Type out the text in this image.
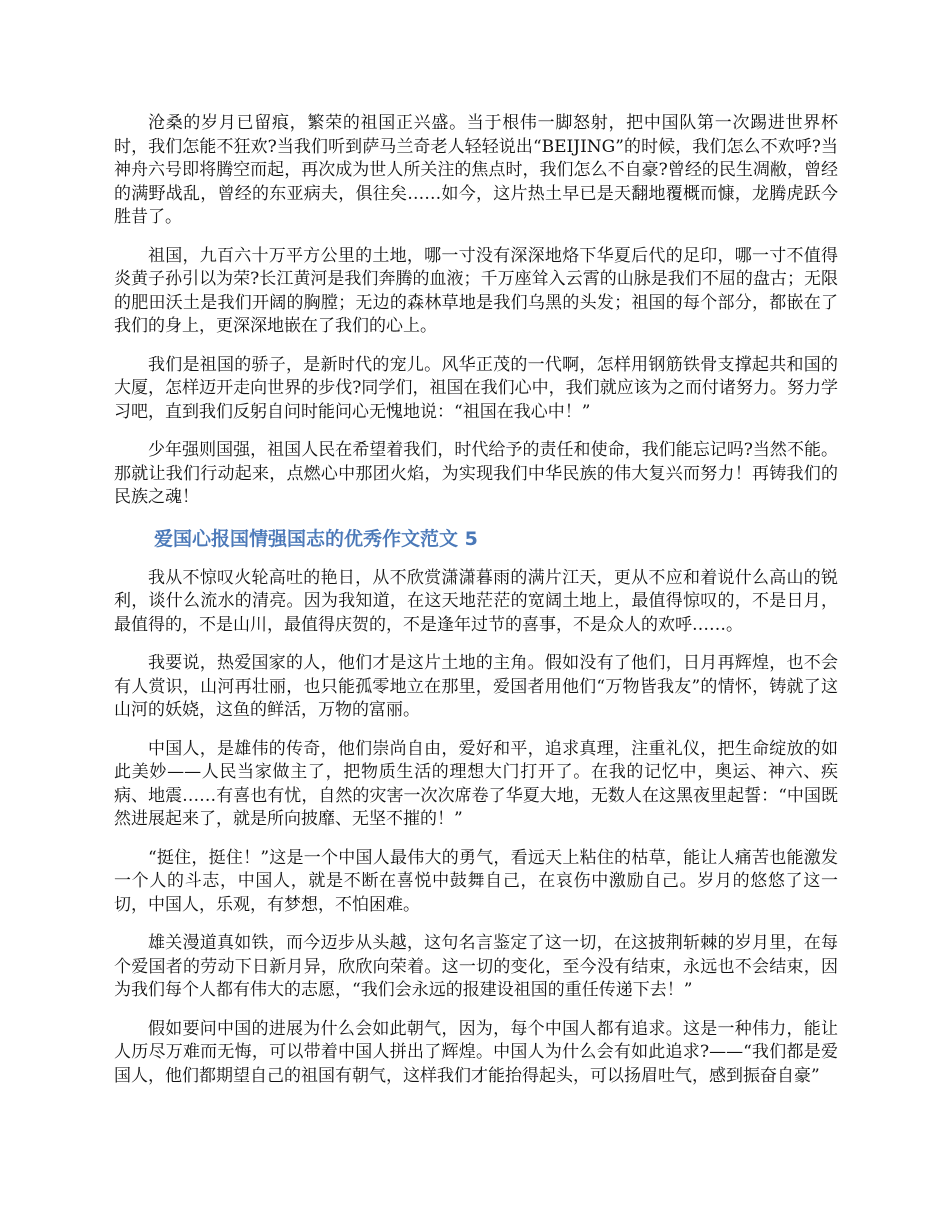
沧桑的岁月已留痕，繁荣的祖国正兴盛。当于根伟一脚怒射，把中国队第一次踢进世界杯时，我们怎能不狂欢?当我们听到萨马兰奇老人轻轻说出“BEIJING”的时候，我们怎么不欢呼?当神舟六号即将腾空而起，再次成为世人所关注的焦点时，我们怎么不自豪?曾经的民生凋敝，曾经的满野战乱，曾经的东亚病夫，俱往矣……如今，这片热土早已是天翻地覆概而慷，龙腾虎跃今胜昔了。

祖国，九百六十万平方公里的土地，哪一寸没有深深地烙下华夏后代的足印，哪一寸不值得炎黄子孙引以为荣?长江黄河是我们奔腾的血液；千万座耸入云霄的山脉是我们不屈的盘古；无限的肥田沃土是我们开阔的胸膛；无边的森林草地是我们乌黑的头发；祖国的每个部分，都嵌在了我们的身上，更深深地嵌在了我们的心上。

我们是祖国的骄子，是新时代的宠儿。风华正茂的一代啊，怎样用钢筋铁骨支撑起共和国的大厦，怎样迈开走向世界的步伐?同学们，祖国在我们心中，我们就应该为之而付诸努力。努力学习吧，直到我们反躬自问时能问心无愧地说：“祖国在我心中！”

少年强则国强，祖国人民在希望着我们，时代给予的责任和使命，我们能忘记吗?当然不能。那就让我们行动起来，点燃心中那团火焰，为实现我们中华民族的伟大复兴而努力！再铸我们的民族之魂！

爱国心报国情强国志的优秀作文范文 5

我从不惊叹火轮高吐的艳日，从不欣赏潇潇暮雨的满片江天，更从不应和着说什么高山的锐利，谈什么流水的清亮。因为我知道，在这天地茫茫的宽阔土地上，最值得惊叹的，不是日月，最值得的，不是山川，最值得庆贺的，不是逢年过节的喜事，不是众人的欢呼……。

我要说，热爱国家的人，他们才是这片土地的主角。假如没有了他们，日月再辉煌，也不会有人赏识，山河再壮丽，也只能孤零地立在那里，爱国者用他们“万物皆我友”的情怀，铸就了这山河的妖娆，这鱼的鲜活，万物的富丽。

中国人，是雄伟的传奇，他们崇尚自由，爱好和平，追求真理，注重礼仪，把生命绽放的如此美妙——人民当家做主了，把物质生活的理想大门打开了。在我的记忆中，奥运、神六、疾病、地震……有喜也有忧，自然的灾害一次次席卷了华夏大地，无数人在这黑夜里起誓：“中国既然进展起来了，就是所向披靡、无坚不摧的！”

“挺住，挺住！”这是一个中国人最伟大的勇气，看远天上粘住的枯草，能让人痛苦也能激发一个人的斗志，中国人，就是不断在喜悦中鼓舞自己，在哀伤中激励自己。岁月的悠悠了这一切，中国人，乐观，有梦想，不怕困难。

雄关漫道真如铁，而今迈步从头越，这句名言鉴定了这一切，在这披荆斩棘的岁月里，在每个爱国者的劳动下日新月异，欣欣向荣着。这一切的变化，至今没有结束，永远也不会结束，因为我们每个人都有伟大的志愿，“我们会永远的报建设祖国的重任传递下去！”

假如要问中国的进展为什么会如此朝气，因为，每个中国人都有追求。这是一种伟力，能让人历尽万难而无悔，可以带着中国人拼出了辉煌。中国人为什么会有如此追求?——“我们都是爱国人，他们都期望自己的祖国有朝气，这样我们才能抬得起头，可以扬眉吐气，感到振奋自豪”
